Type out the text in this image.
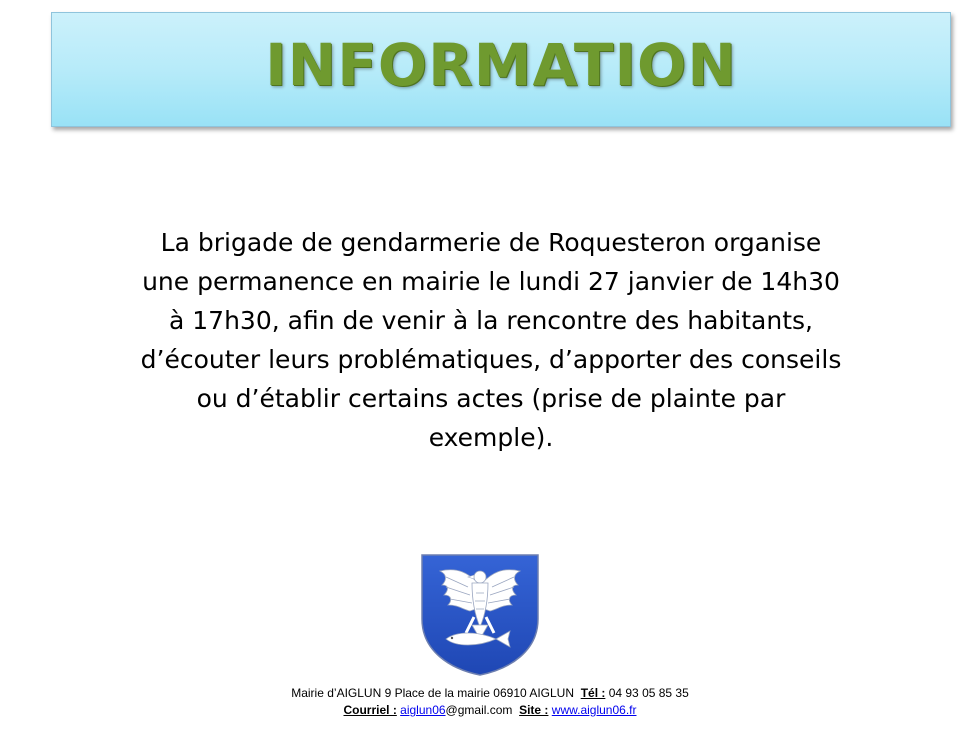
INFORMATION
La brigade de gendarmerie de Roquesteron organise
une permanence en mairie le lundi 27 janvier de 14h30
à 17h30, afin de venir à la rencontre des habitants,
d’écouter leurs problématiques, d’apporter des conseils
ou d’établir certains actes (prise de plainte par
exemple).
Mairie d’AIGLUN 9 Place de la mairie 06910 AIGLUN Tél : 04 93 05 85 35
Courriel : aiglun06@gmail.com Site : www.aiglun06.fr
